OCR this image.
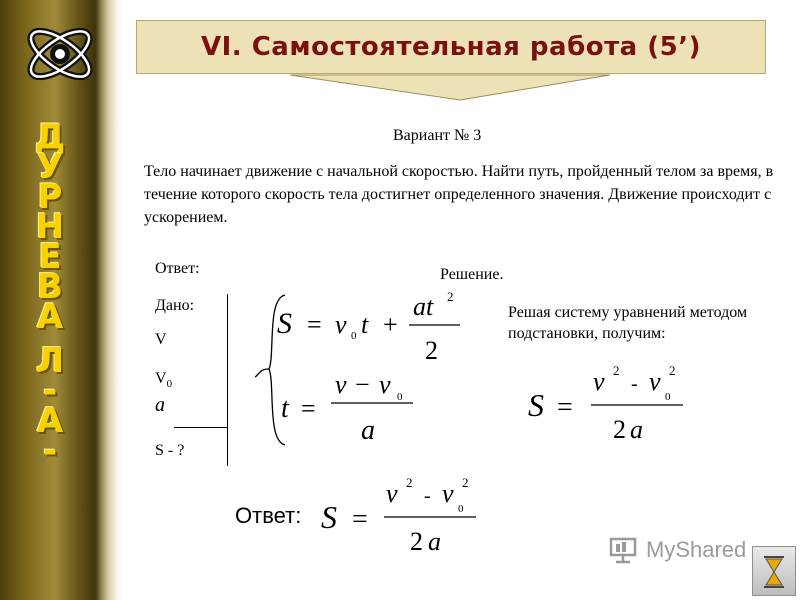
Д
У
Р
Н
Е
В
А
Л
-
А
-
VI. Самостоятельная работа (5’)
Вариант № 3
Тело начинает движение с начальной скоростью. Найти путь, пройденный телом за время, в течение которого скорость тела достигнет определенного значения. Движение происходит с ускорением.
Ответ:
Дано:
V
$V_0$
a
S - ?
Решение.
Решая систему уравнений методом подстановки, получим:
S = v 0 t +
at 2
2
t =
v − v 0
a
S =
v 2
- v 2
0
2 a
Ответ: S =
v 2
- v 2
0
2 a	MyShared
